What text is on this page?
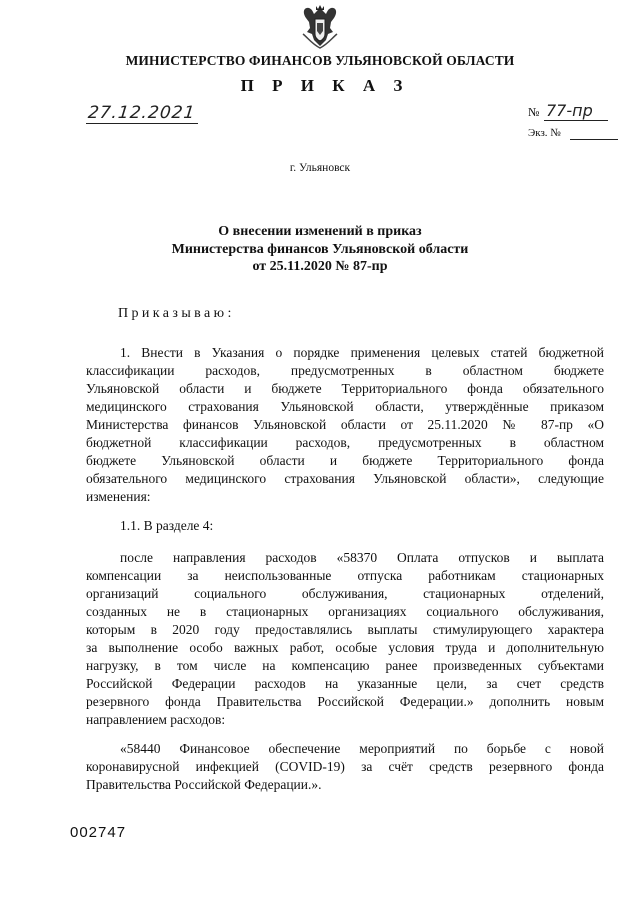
МИНИСТЕРСТВО ФИНАНСОВ УЛЬЯНОВСКОЙ ОБЛАСТИ
П Р И К А З
27.12.2021	№ 77-пр
Экз. №
г. Ульяновск
О внесении изменений в приказ
Министерства финансов Ульяновской области
от 25.11.2020 № 87-пр
Приказываю:
1. Внести в Указания о порядке применения целевых статей бюджетной
классификации расходов, предусмотренных в областном бюджете
Ульяновской области и бюджете Территориального фонда обязательного
медицинского страхования Ульяновской области, утверждённые приказом
Министерства финансов Ульяновской области от 25.11.2020 № 87-пр «О
бюджетной классификации расходов, предусмотренных в областном
бюджете Ульяновской области и бюджете Территориального фонда
обязательного медицинского страхования Ульяновской области», следующие
изменения:
1.1. В разделе 4:
после направления расходов «58370 Оплата отпусков и выплата
компенсации за неиспользованные отпуска работникам стационарных
организаций социального обслуживания, стационарных отделений,
созданных не в стационарных организациях социального обслуживания,
которым в 2020 году предоставлялись выплаты стимулирующего характера
за выполнение особо важных работ, особые условия труда и дополнительную
нагрузку, в том числе на компенсацию ранее произведенных субъектами
Российской Федерации расходов на указанные цели, за счет средств
резервного фонда Правительства Российской Федерации.» дополнить новым
направлением расходов:
«58440 Финансовое обеспечение мероприятий по борьбе с новой
коронавирусной инфекцией (COVID-19) за счёт средств резервного фонда
Правительства Российской Федерации.».
002747
